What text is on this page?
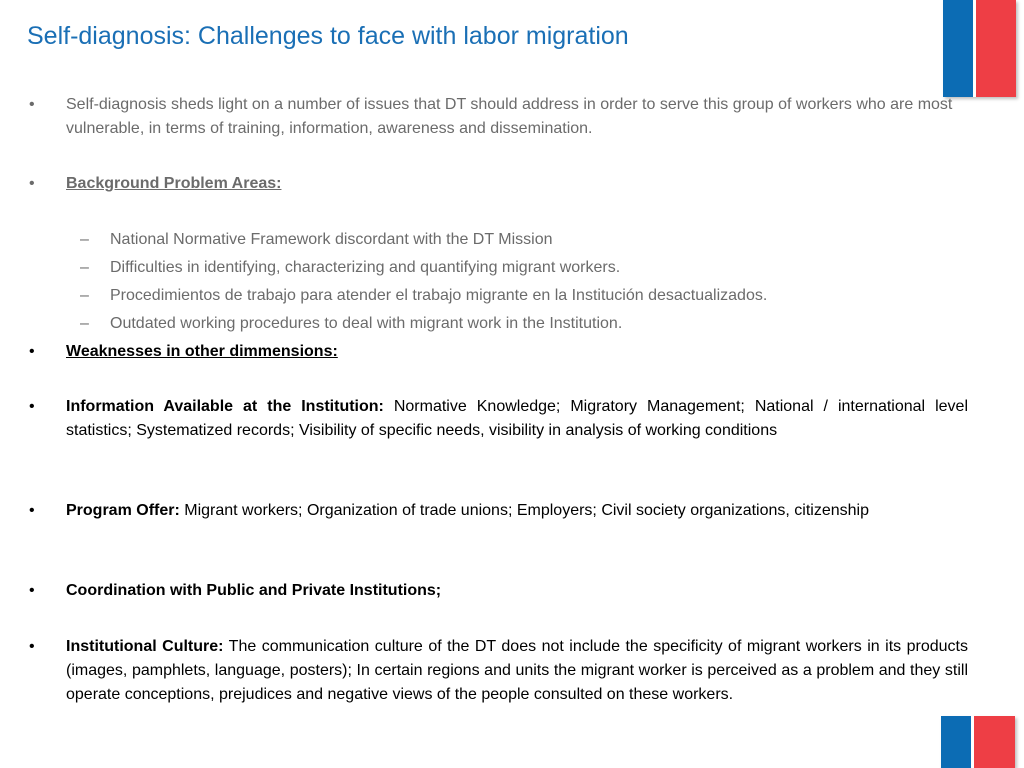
Self-diagnosis: Challenges to face with labor migration
• Self-diagnosis sheds light on a number of issues that DT should address in order to serve this group of workers who are most vulnerable, in terms of training, information, awareness and dissemination.
• Background Problem Areas:
– National Normative Framework discordant with the DT Mission
– Difficulties in identifying, characterizing and quantifying migrant workers.
– Procedimientos de trabajo para atender el trabajo migrante en la Institución desactualizados.
– Outdated working procedures to deal with migrant work in the Institution.
• Weaknesses in other dimmensions:
• Information Available at the Institution: Normative Knowledge; Migratory Management; National / international level statistics; Systematized records; Visibility of specific needs, visibility in analysis of working conditions
• Program Offer: Migrant workers; Organization of trade unions; Employers; Civil society organizations, citizenship
• Coordination with Public and Private Institutions;
• Institutional Culture: The communication culture of the DT does not include the specificity of migrant workers in its products (images, pamphlets, language, posters); In certain regions and units the migrant worker is perceived as a problem and they still operate conceptions, prejudices and negative views of the people consulted on these workers.
